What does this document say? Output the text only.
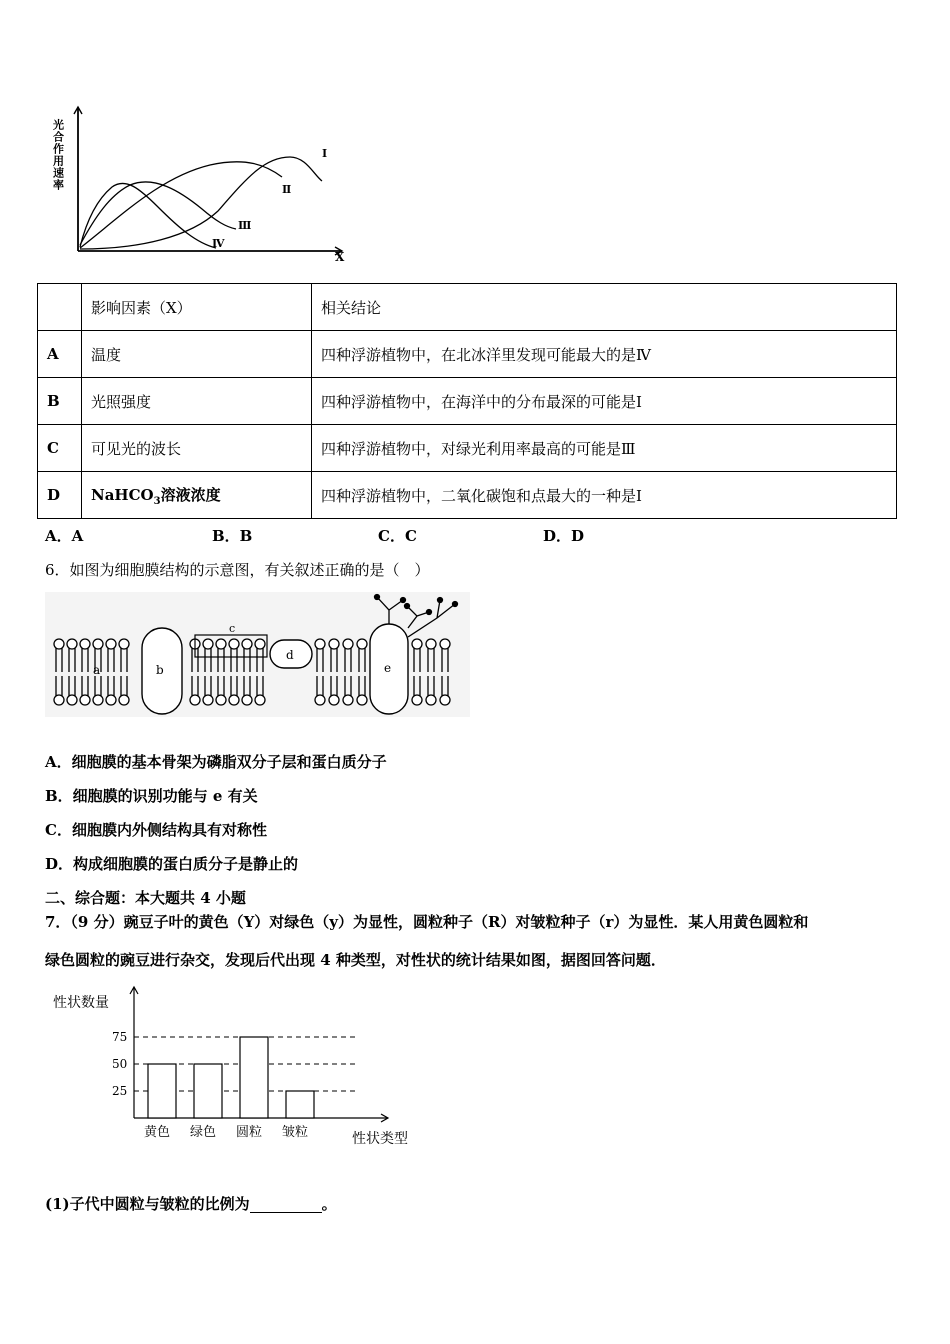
光合作用速率
X
Ⅰ
Ⅱ
Ⅲ
Ⅳ
	影响因素（X）	相关结论
A	温度	四种浮游植物中，在北冰洋里发现可能最大的是Ⅳ
B	光照强度	四种浮游植物中，在海洋中的分布最深的可能是Ⅰ
C	可见光的波长	四种浮游植物中，对绿光利用率最高的可能是Ⅲ
D	NaHCO$_3$溶液浓度	四种浮游植物中，二氧化碳饱和点最大的一种是Ⅰ
A．A	B．B	C．C	D．D
6．如图为细胞膜结构的示意图，有关叙述正确的是（　）
c
a	b
d
e
A．细胞膜的基本骨架为磷脂双分子层和蛋白质分子
B．细胞膜的识别功能与 e 有关
C．细胞膜内外侧结构具有对称性
D．构成细胞膜的蛋白质分子是静止的
二、综合题：本大题共 4 小题
7．（9 分）豌豆子叶的黄色（Y）对绿色（y）为显性，圆粒种子（R）对皱粒种子（r）为显性．某人用黄色圆粒和
绿色圆粒的豌豆进行杂交，发现后代出现 4 种类型，对性状的统计结果如图，据图回答问题．
性状数量
性状类型
25
50
75
黄色 绿色 圆粒 皱粒
(1)子代中圆粒与皱粒的比例为	。
